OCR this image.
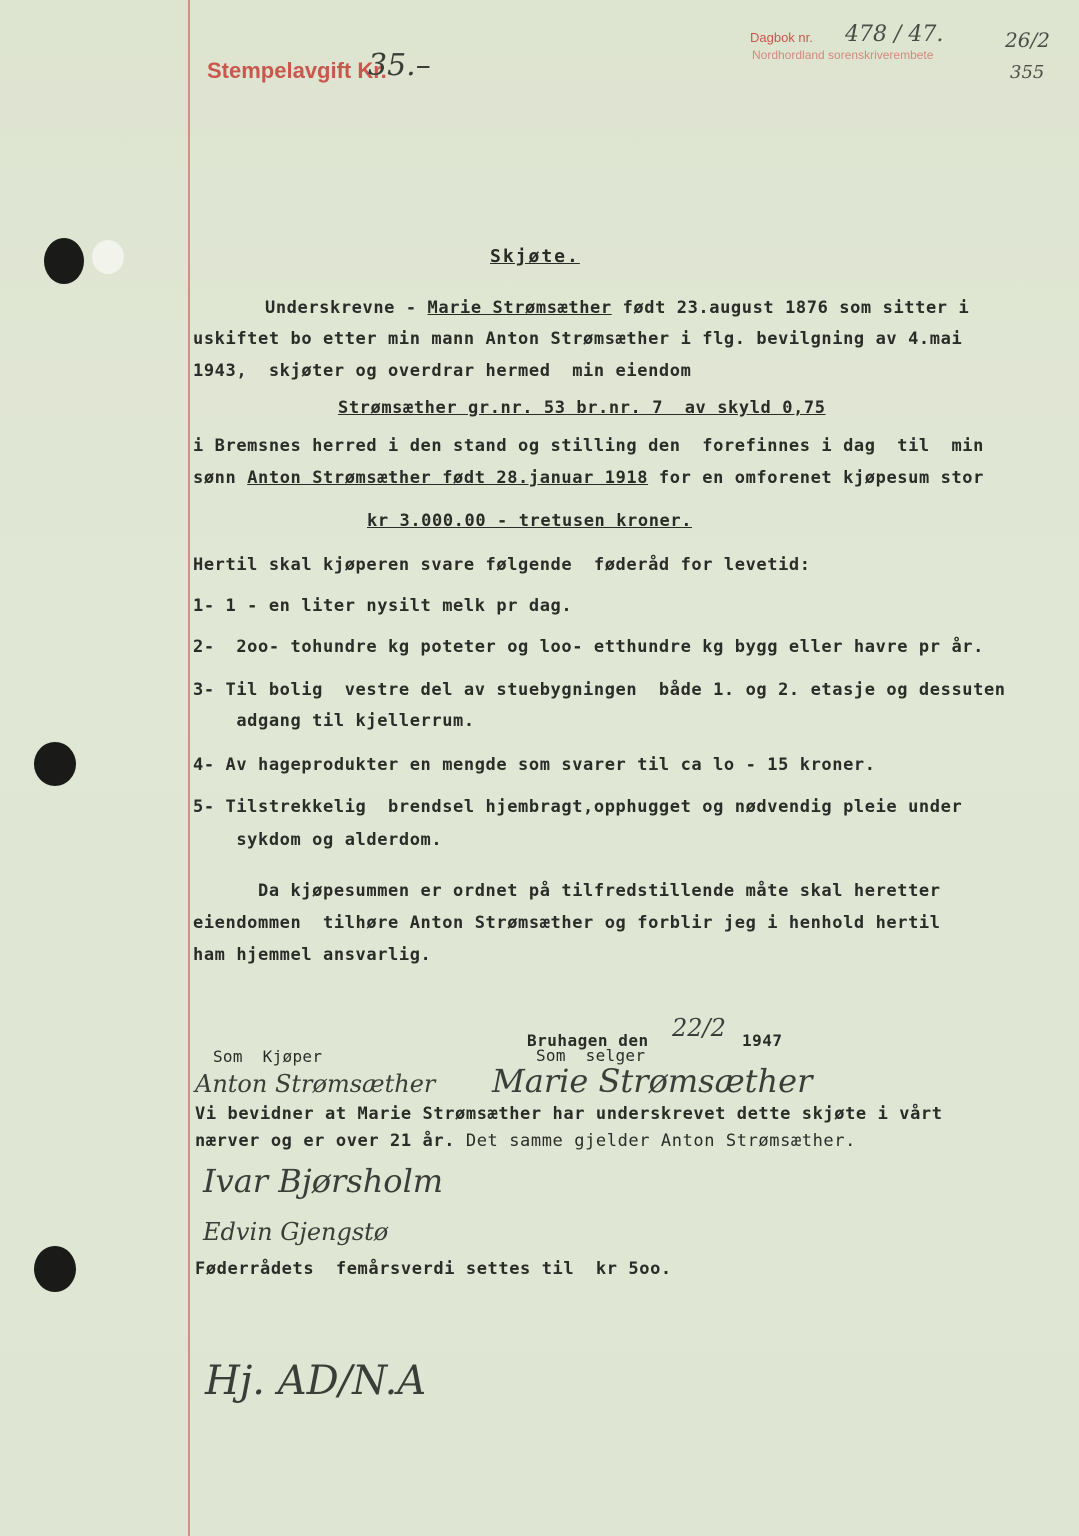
Stempelavgift Kr.
35.–
Dagbok nr.
Nordhordland sorenskriverembete
478 / 47.	26/2
355
Skjøte.
Underskrevne - Marie Strømsæther født 23.august 1876 som sitter i
uskiftet bo etter min mann Anton Strømsæther i flg. bevilgning av 4.mai
1943,  skjøter og overdrar hermed  min eiendom
Strømsæther gr.nr. 53 br.nr. 7  av skyld 0,75
i Bremsnes herred i den stand og stilling den  forefinnes i dag  til  min
sønn Anton Strømsæther født 28.januar 1918 for en omforenet kjøpesum stor
kr 3.000.00 - tretusen kroner.
Hertil skal kjøperen svare følgende  føderåd for levetid:
1- 1 - en liter nysilt melk pr dag.
2-  2oo- tohundre kg poteter og loo- etthundre kg bygg eller havre pr år.
3- Til bolig  vestre del av stuebygningen  både 1. og 2. etasje og dessuten
adgang til kjellerrum.
4- Av hageprodukter en mengde som svarer til ca lo - 15 kroner.
5- Tilstrekkelig  brendsel hjembragt,opphugget og nødvendig pleie under
sykdom og alderdom.
Da kjøpesummen er ordnet på tilfredstillende måte skal heretter
eiendommen  tilhøre Anton Strømsæther og forblir jeg i henhold hertil
ham hjemmel ansvarlig.
Bruhagen den 22/2 1947
Som  Kjøper	Som  selger
Anton Strømsæther Marie Strømsæther
Vi bevidner at Marie Strømsæther har underskrevet dette skjøte i vårt
nærver og er over 21 år. Det samme gjelder Anton Strømsæther.
Ivar Bjørsholm
Edvin Gjengstø
Føderrådets  femårsverdi settes til  kr 5oo.
Hj. AD/N.A
